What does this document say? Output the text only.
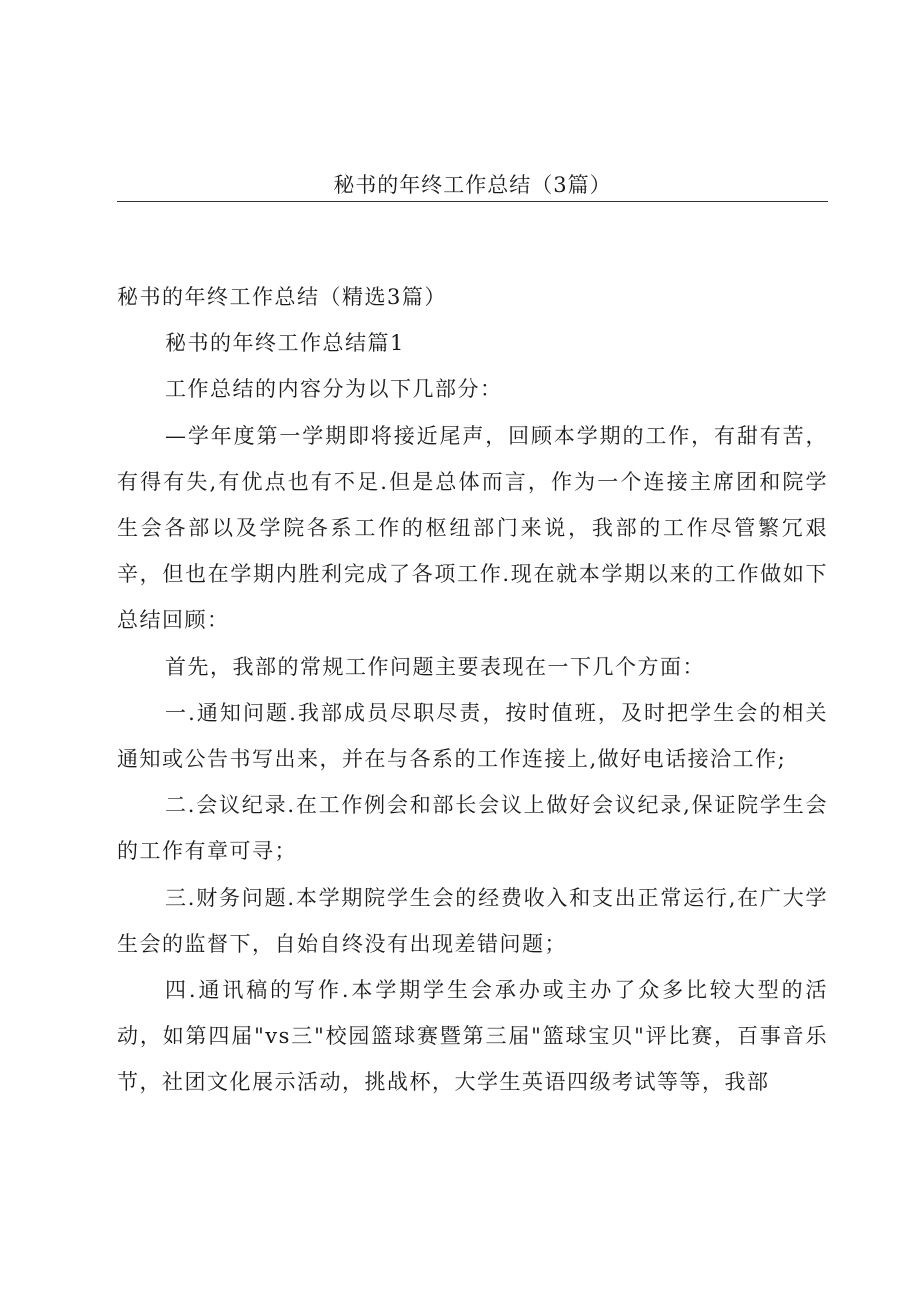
秘书的年终工作总结（3篇）

秘书的年终工作总结（精选3篇）

秘书的年终工作总结篇1

工作总结的内容分为以下几部分：

—学年度第一学期即将接近尾声，回顾本学期的工作，有甜有苦，有得有失,有优点也有不足.但是总体而言，作为一个连接主席团和院学生会各部以及学院各系工作的枢纽部门来说，我部的工作尽管繁冗艰辛，但也在学期内胜利完成了各项工作.现在就本学期以来的工作做如下总结回顾：

首先，我部的常规工作问题主要表现在一下几个方面：

一.通知问题.我部成员尽职尽责，按时值班，及时把学生会的相关通知或公告书写出来，并在与各系的工作连接上,做好电话接洽工作;

二.会议纪录.在工作例会和部长会议上做好会议纪录,保证院学生会的工作有章可寻；

三.财务问题.本学期院学生会的经费收入和支出正常运行,在广大学生会的监督下，自始自终没有出现差错问题；

四.通讯稿的写作.本学期学生会承办或主办了众多比较大型的活动，如第四届"vs三"校园篮球赛暨第三届"篮球宝贝"评比赛，百事音乐节，社团文化展示活动，挑战杯，大学生英语四级考试等等，我部
